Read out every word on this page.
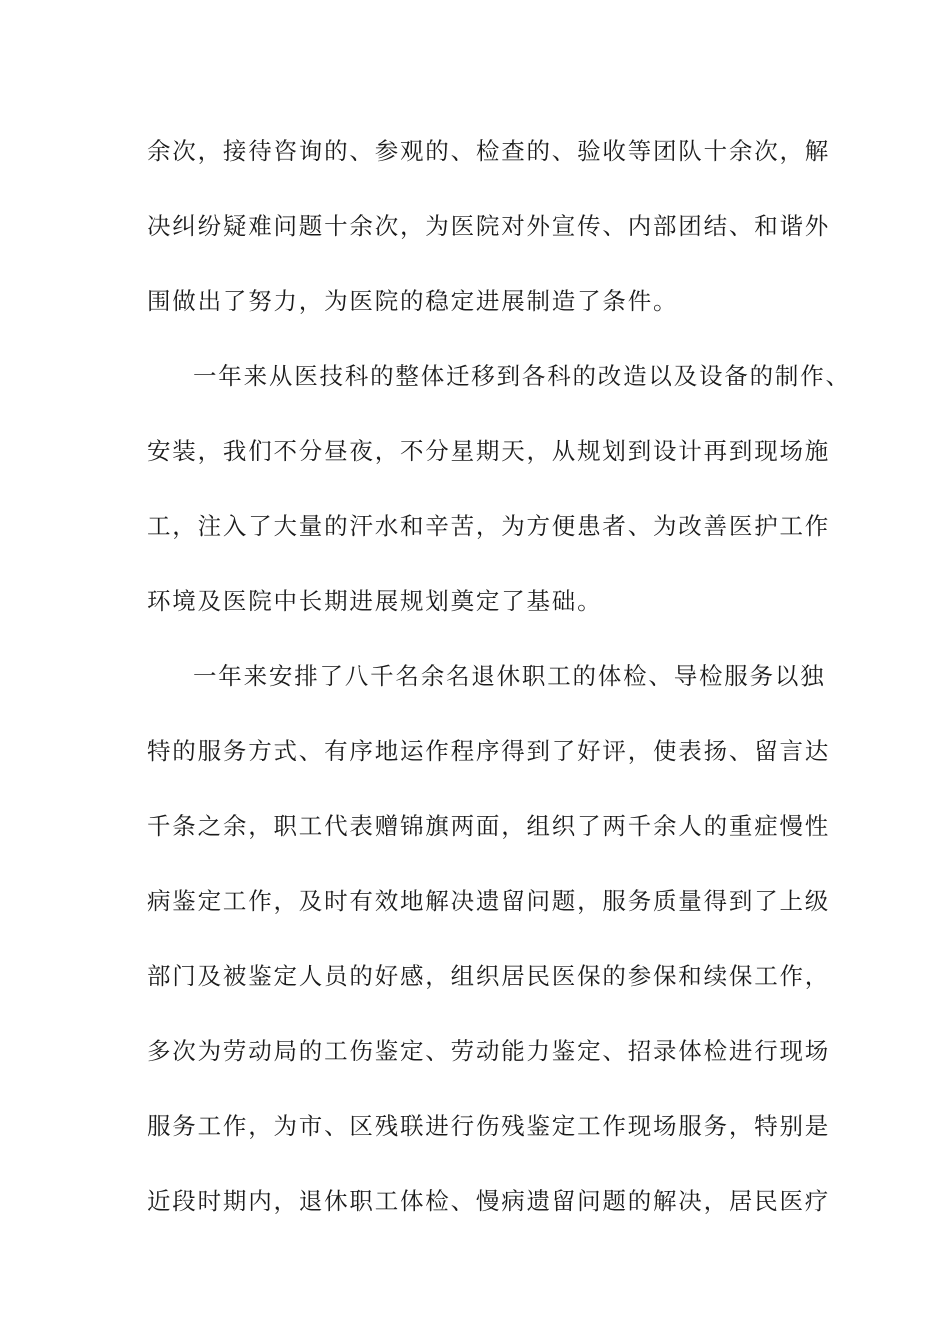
余次，接待咨询的、参观的、检查的、验收等团队十余次，解
决纠纷疑难问题十余次，为医院对外宣传、内部团结、和谐外
围做出了努力，为医院的稳定进展制造了条件。
一年来从医技科的整体迁移到各科的改造以及设备的制作、
安装，我们不分昼夜，不分星期天，从规划到设计再到现场施
工，注入了大量的汗水和辛苦，为方便患者、为改善医护工作
环境及医院中长期进展规划奠定了基础。
一年来安排了八千名余名退休职工的体检、导检服务以独
特的服务方式、有序地运作程序得到了好评，使表扬、留言达
千条之余，职工代表赠锦旗两面，组织了两千余人的重症慢性
病鉴定工作，及时有效地解决遗留问题，服务质量得到了上级
部门及被鉴定人员的好感，组织居民医保的参保和续保工作，
多次为劳动局的工伤鉴定、劳动能力鉴定、招录体检进行现场
服务工作，为市、区残联进行伤残鉴定工作现场服务，特别是
近段时期内，退休职工体检、慢病遗留问题的解决，居民医疗
